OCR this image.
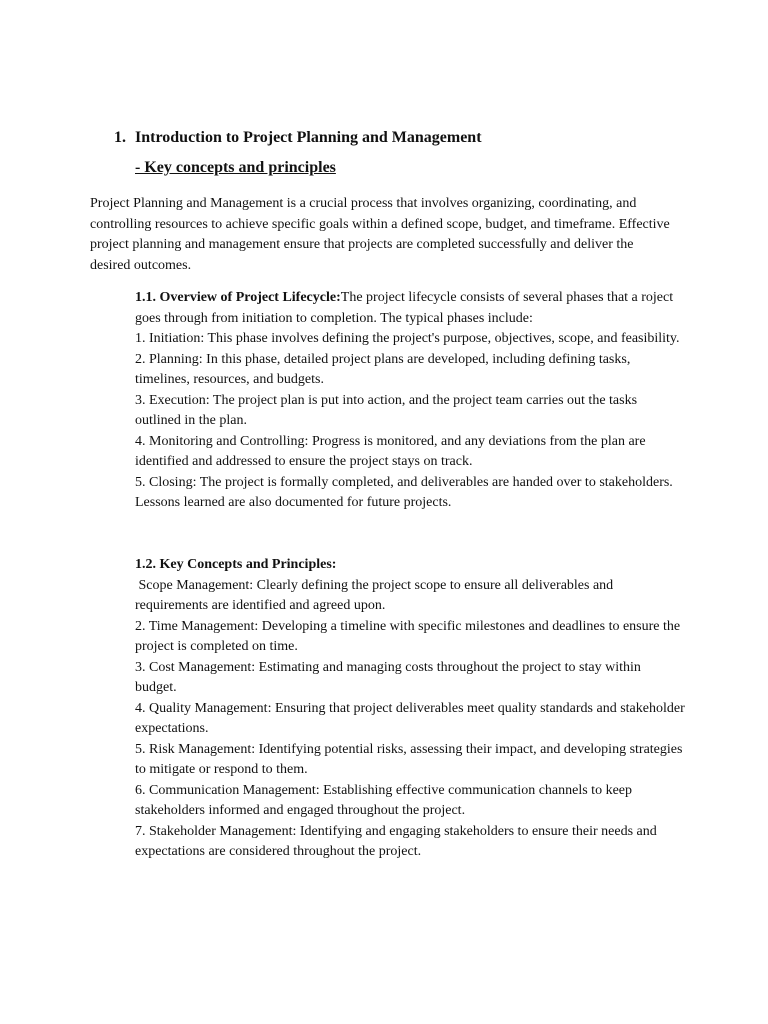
1. Introduction to Project Planning and Management
- Key concepts and principles

Project Planning and Management is a crucial process that involves organizing, coordinating, and controlling resources to achieve specific goals within a defined scope, budget, and timeframe. Effective project planning and management ensure that projects are completed successfully and deliver the desired outcomes.

1.1. Overview of Project Lifecycle:The project lifecycle consists of several phases that a roject goes through from initiation to completion. The typical phases include:
1. Initiation: This phase involves defining the project's purpose, objectives, scope, and feasibility.
2. Planning: In this phase, detailed project plans are developed, including defining tasks, timelines, resources, and budgets.
3. Execution: The project plan is put into action, and the project team carries out the tasks outlined in the plan.
4. Monitoring and Controlling: Progress is monitored, and any deviations from the plan are identified and addressed to ensure the project stays on track.
5. Closing: The project is formally completed, and deliverables are handed over to stakeholders. Lessons learned are also documented for future projects.
1.2. Key Concepts and Principles:
Scope Management: Clearly defining the project scope to ensure all deliverables and requirements are identified and agreed upon.
2. Time Management: Developing a timeline with specific milestones and deadlines to ensure the project is completed on time.
3. Cost Management: Estimating and managing costs throughout the project to stay within budget.
4. Quality Management: Ensuring that project deliverables meet quality standards and stakeholder expectations.
5. Risk Management: Identifying potential risks, assessing their impact, and developing strategies to mitigate or respond to them.
6. Communication Management: Establishing effective communication channels to keep stakeholders informed and engaged throughout the project.
7. Stakeholder Management: Identifying and engaging stakeholders to ensure their needs and expectations are considered throughout the project.
